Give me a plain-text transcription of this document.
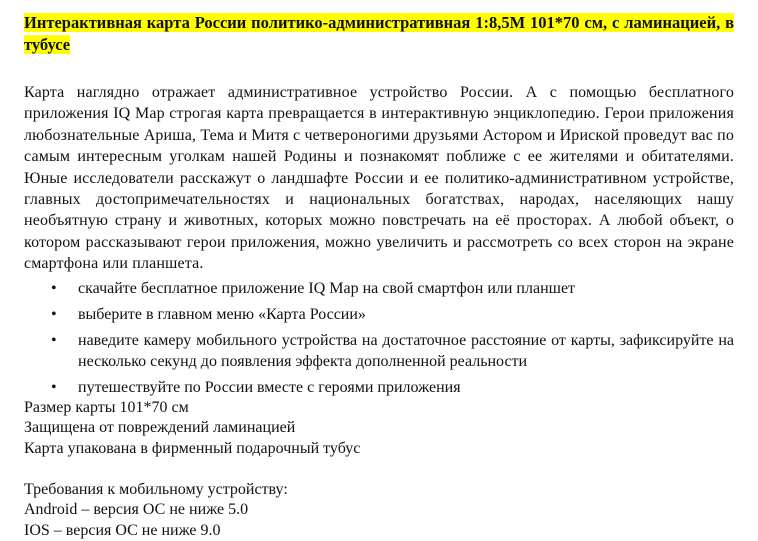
Интерактивная карта России политико-административная 1:8,5M 101*70 см, с ламинацией, в тубусе

Карта наглядно отражает административное устройство России. А с помощью бесплатного приложения IQ Map строгая карта превращается в интерактивную энциклопедию. Герои приложения любознательные Ариша, Тема и Митя с четвероногими друзьями Астором и Ириской проведут вас по самым интересным уголкам нашей Родины и познакомят поближе с ее жителями и обитателями. Юные исследователи расскажут о ландшафте России и ее политико-административном устройстве, главных достопримечательностях и национальных богатствах, народах, населяющих нашу необъятную страну и животных, которых можно повстречать на её просторах. А любой объект, о котором рассказывают герои приложения, можно увеличить и рассмотреть со всех сторон на экране смартфона или планшета.

• скачайте бесплатное приложение IQ Map на свой смартфон или планшет
• выберите в главном меню «Карта России»
• наведите камеру мобильного устройства на достаточное расстояние от карты, зафиксируйте на несколько секунд до появления эффекта дополненной реальности
• путешествуйте по России вместе с героями приложения

Размер карты 101*70 см

Защищена от повреждений ламинацией

Карта упакована в фирменный подарочный тубус

Требования к мобильному устройству:

Android – версия ОС не ниже 5.0

IOS – версия ОС не ниже 9.0
